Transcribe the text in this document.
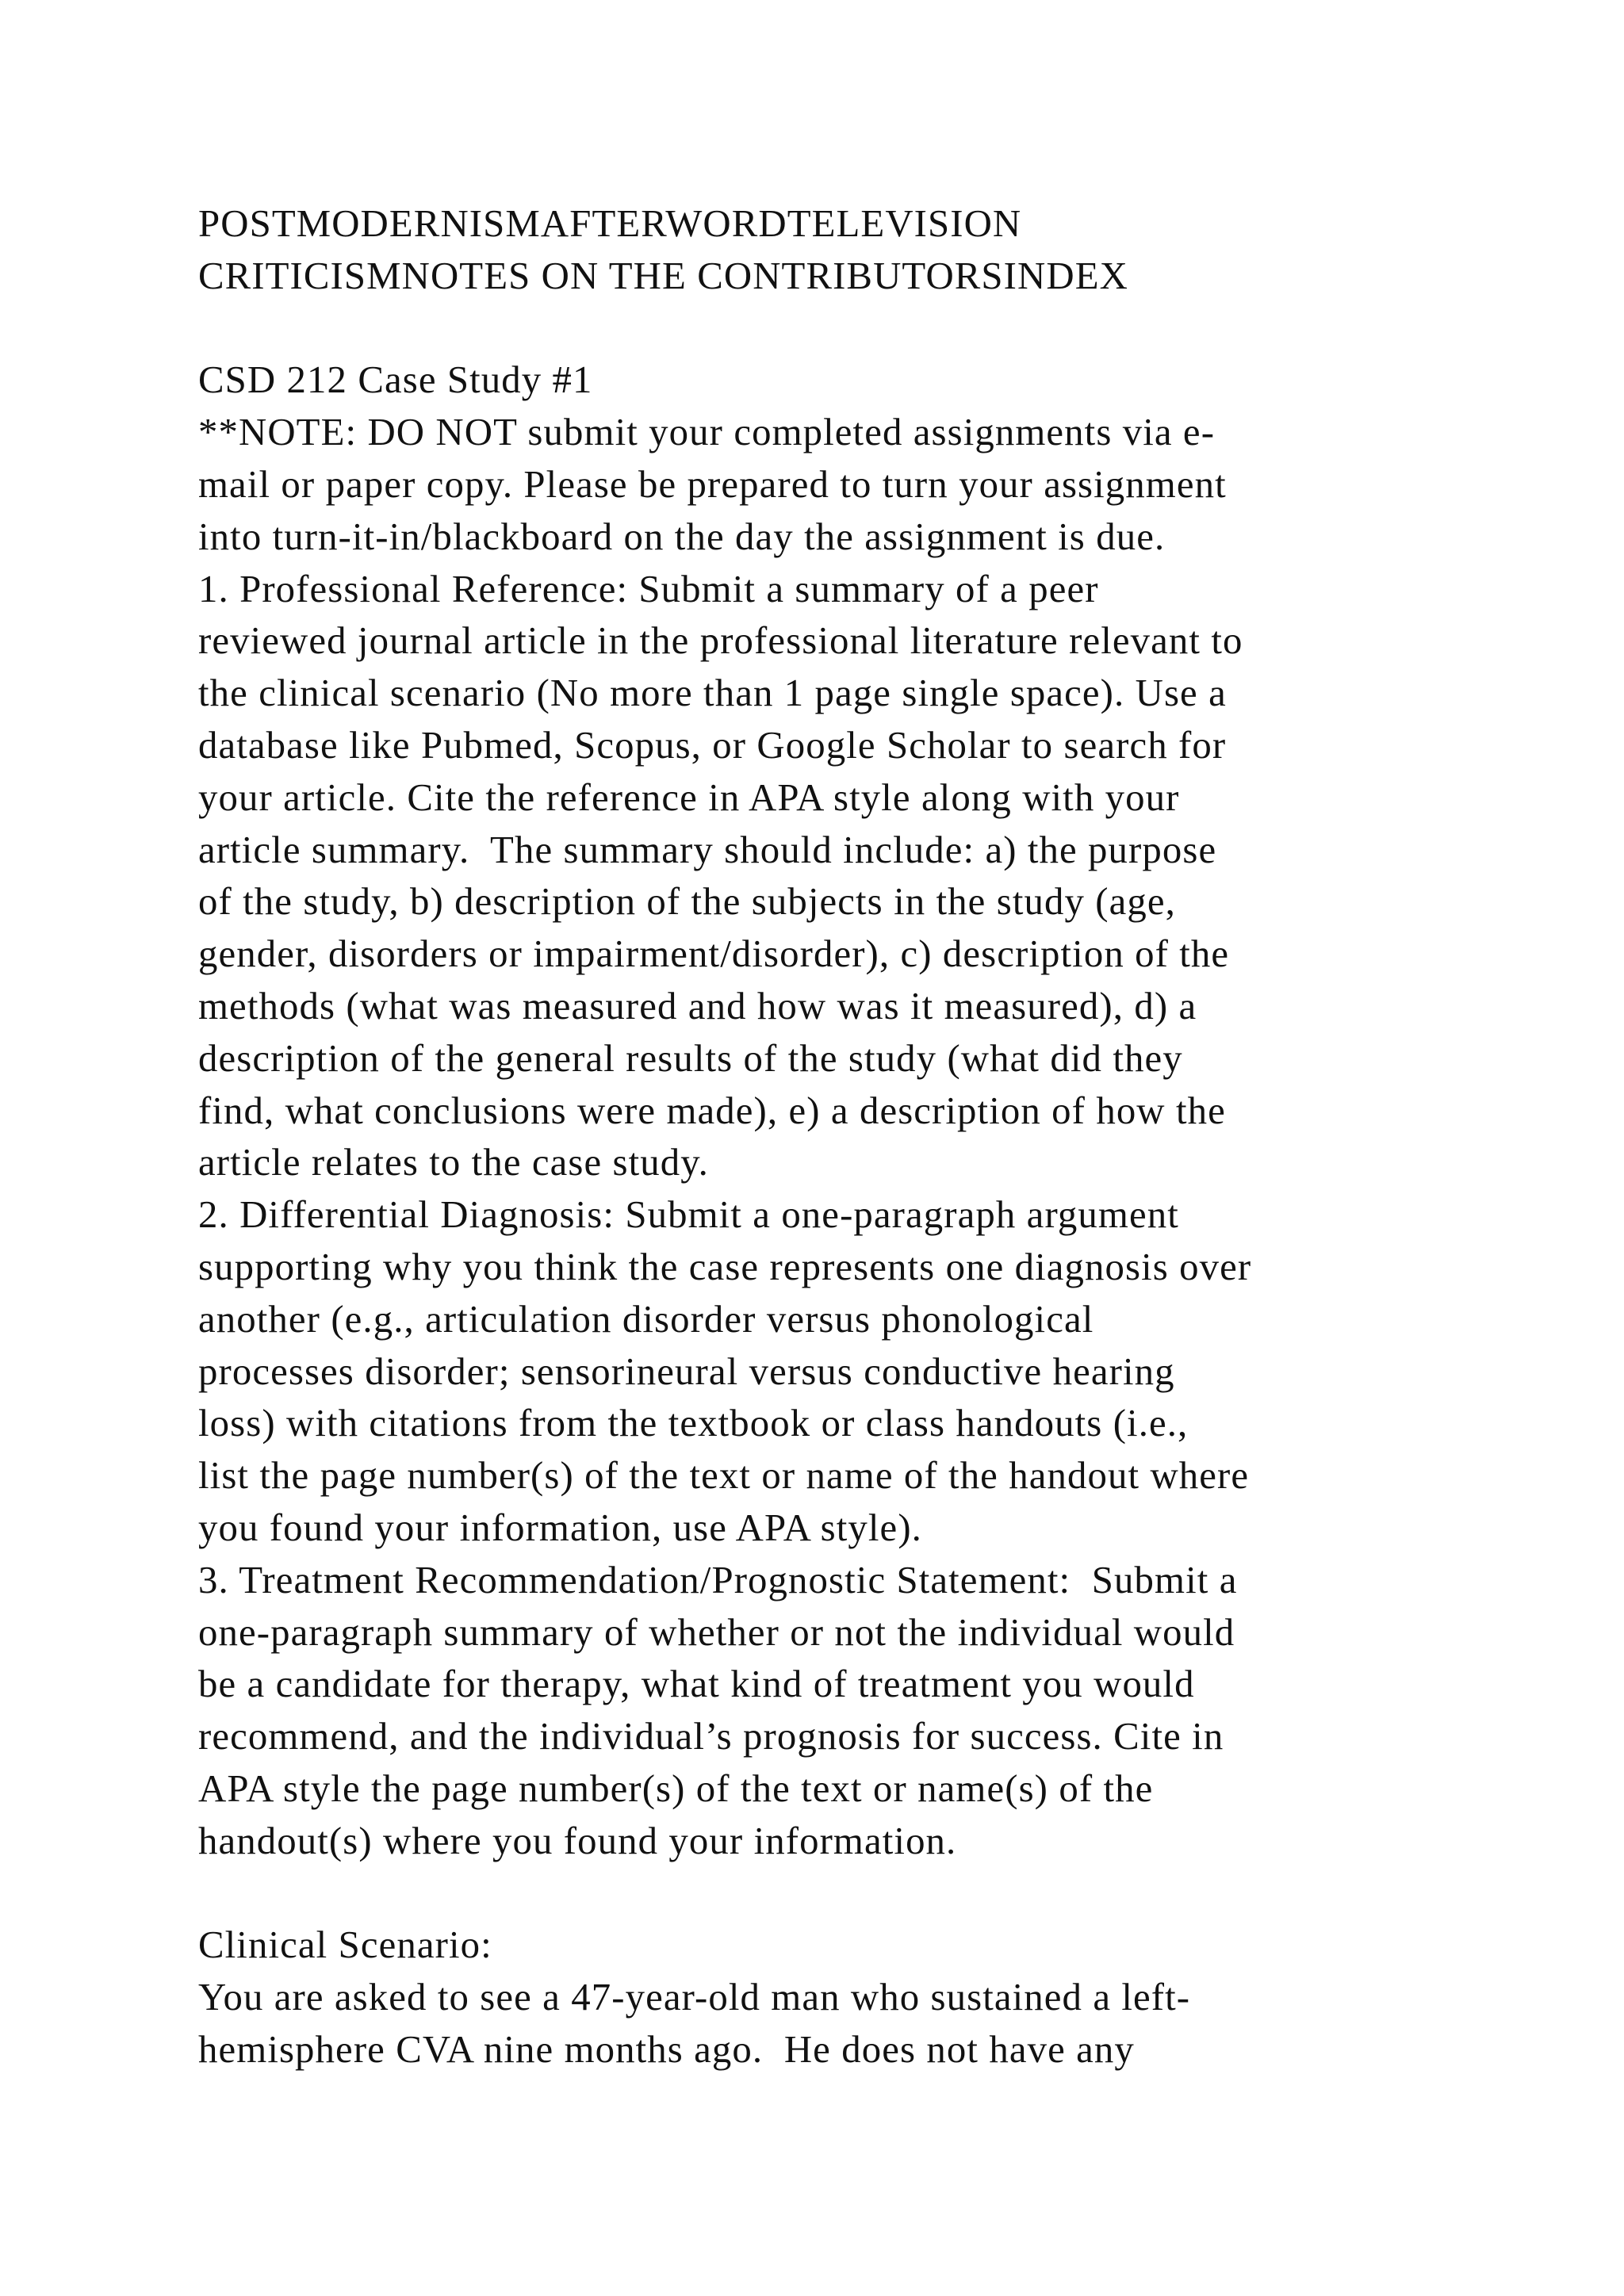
POSTMODERNISMAFTERWORDTELEVISION
CRITICISMNOTES ON THE CONTRIBUTORSINDEX
CSD 212 Case Study #1
**NOTE: DO NOT submit your completed assignments via e-
mail or paper copy. Please be prepared to turn your assignment
into turn-it-in/blackboard on the day the assignment is due.
1. Professional Reference: Submit a summary of a peer
reviewed journal article in the professional literature relevant to
the clinical scenario (No more than 1 page single space). Use a
database like Pubmed, Scopus, or Google Scholar to search for
your article. Cite the reference in APA style along with your
article summary.  The summary should include: a) the purpose
of the study, b) description of the subjects in the study (age,
gender, disorders or impairment/disorder), c) description of the
methods (what was measured and how was it measured), d) a
description of the general results of the study (what did they
find, what conclusions were made), e) a description of how the
article relates to the case study.
2. Differential Diagnosis: Submit a one-paragraph argument
supporting why you think the case represents one diagnosis over
another (e.g., articulation disorder versus phonological
processes disorder; sensorineural versus conductive hearing
loss) with citations from the textbook or class handouts (i.e.,
list the page number(s) of the text or name of the handout where
you found your information, use APA style).
3. Treatment Recommendation/Prognostic Statement:  Submit a
one-paragraph summary of whether or not the individual would
be a candidate for therapy, what kind of treatment you would
recommend, and the individual’s prognosis for success. Cite in
APA style the page number(s) of the text or name(s) of the
handout(s) where you found your information.
Clinical Scenario:
You are asked to see a 47-year-old man who sustained a left-
hemisphere CVA nine months ago.  He does not have any
